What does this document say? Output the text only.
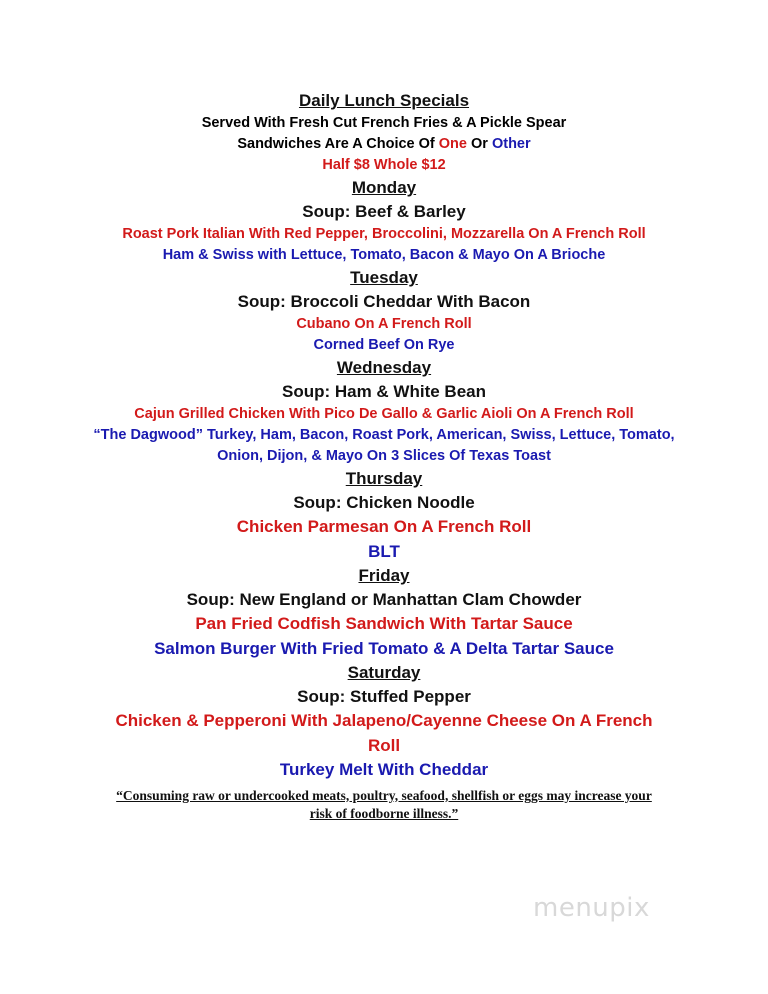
Daily Lunch Specials

Served With Fresh Cut French Fries & A Pickle Spear

Sandwiches Are A Choice Of One Or Other

Half $8 Whole $12

Monday

Soup: Beef & Barley

Roast Pork Italian With Red Pepper, Broccolini, Mozzarella On A French Roll

Ham & Swiss with Lettuce, Tomato, Bacon & Mayo On A Brioche

Tuesday

Soup: Broccoli Cheddar With Bacon

Cubano On A French Roll

Corned Beef On Rye

Wednesday

Soup: Ham & White Bean

Cajun Grilled Chicken With Pico De Gallo & Garlic Aioli On A French Roll

“The Dagwood” Turkey, Ham, Bacon, Roast Pork, American, Swiss, Lettuce, Tomato, Onion, Dijon, & Mayo On 3 Slices Of Texas Toast

Thursday

Soup: Chicken Noodle

Chicken Parmesan On A French Roll

BLT

Friday

Soup: New England or Manhattan Clam Chowder

Pan Fried Codfish Sandwich With Tartar Sauce

Salmon Burger With Fried Tomato & A Delta Tartar Sauce

Saturday

Soup: Stuffed Pepper

Chicken & Pepperoni With Jalapeno/Cayenne Cheese On A French Roll

Turkey Melt With Cheddar

“Consuming raw or undercooked meats, poultry, seafood, shellfish or eggs may increase your risk of foodborne illness.”

menupix
